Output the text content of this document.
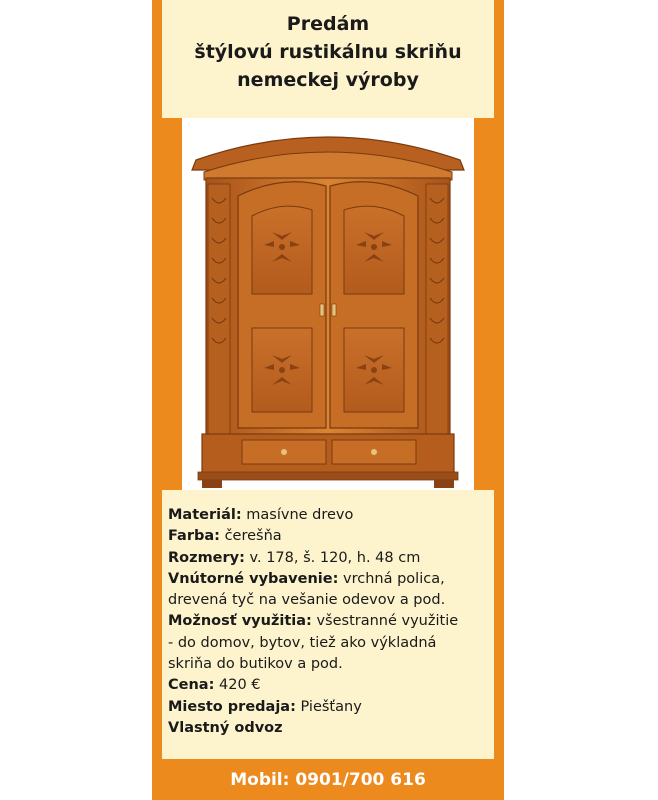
Predám
štýlovú rustikálnu skriňu
nemeckej výroby
Materiál: masívne drevo
Farba: čerešňa
Rozmery: v. 178, š. 120, h. 48 cm
Vnútorné vybavenie: vrchná polica,
drevená tyč na vešanie odevov a pod.
Možnosť využitia: všestranné využitie
- do domov, bytov, tiež ako výkladná
skriňa do butikov a pod.
Cena: 420 €
Miesto predaja: Piešťany
Vlastný odvoz
Mobil: 0901/700 616
